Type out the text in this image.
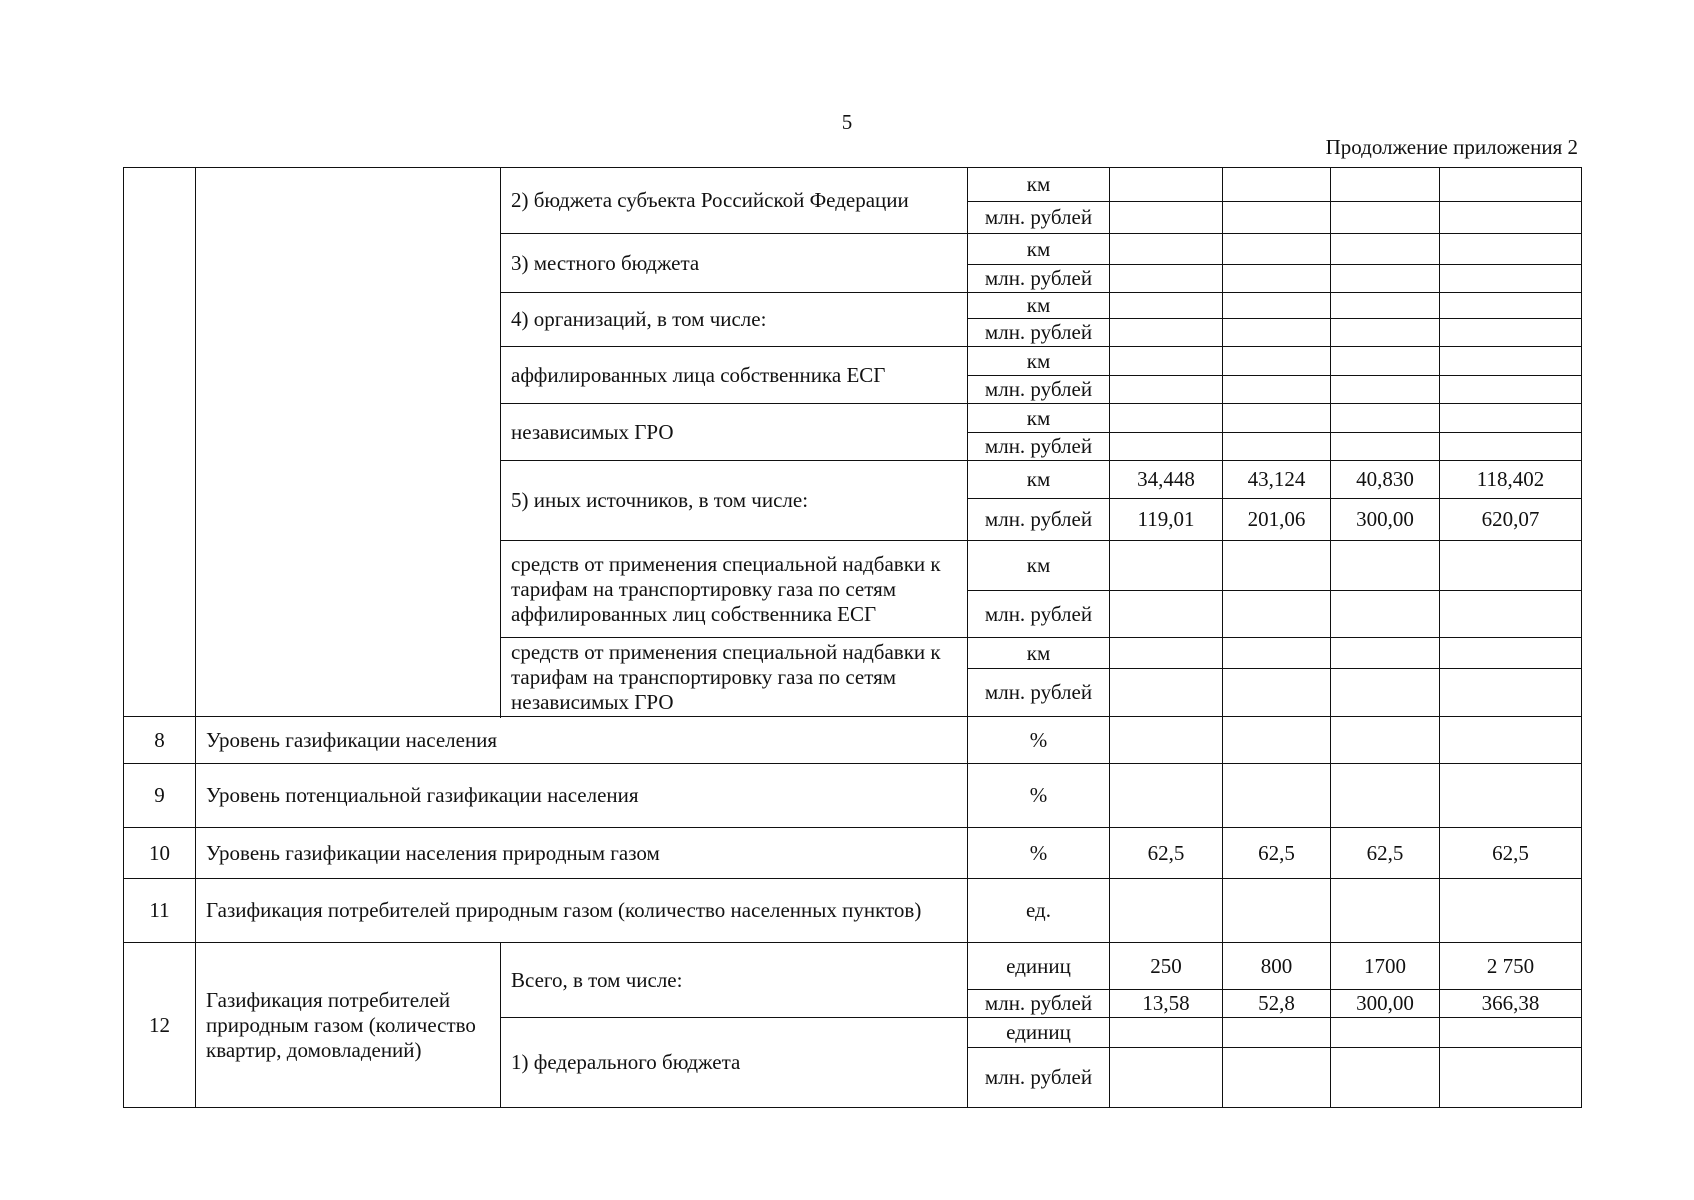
5
Продолжение приложения 2
		2) бюджета субъекта Российской Федерации	км				
			млн. рублей				
		3) местного бюджета	км				
			млн. рублей				
		4) организаций, в том числе:	км				
			млн. рублей				
		аффилированных лица собственника ЕСГ	км				
			млн. рублей				
		независимых ГРО	км				
			млн. рублей				
		5) иных источников, в том числе:	км	34,448	43,124	40,830	118,402
			млн. рублей	119,01	201,06	300,00	620,07
		средств от применения специальной надбавки к тарифам на транспортировку газа по сетям аффилированных лиц собственника ЕСГ	км				
			млн. рублей				
		средств от применения специальной надбавки к тарифам на транспортировку газа по сетям независимых ГРО	км				
			млн. рублей				

8	Уровень газификации населения		%				
9	Уровень потенциальной газификации населения		%				
10	Уровень газификации населения природным газом		%	62,5	62,5	62,5	62,5
11	Газификация потребителей природным газом (количество населенных пунктов)		ед.				
12	Газификация потребителей природным газом (количество квартир, домовладений)	Всего, в том числе:	единиц	250	800	1700	2 750
			млн. рублей	13,58	52,8	300,00	366,38
		1) федерального бюджета	единиц				
			млн. рублей				
